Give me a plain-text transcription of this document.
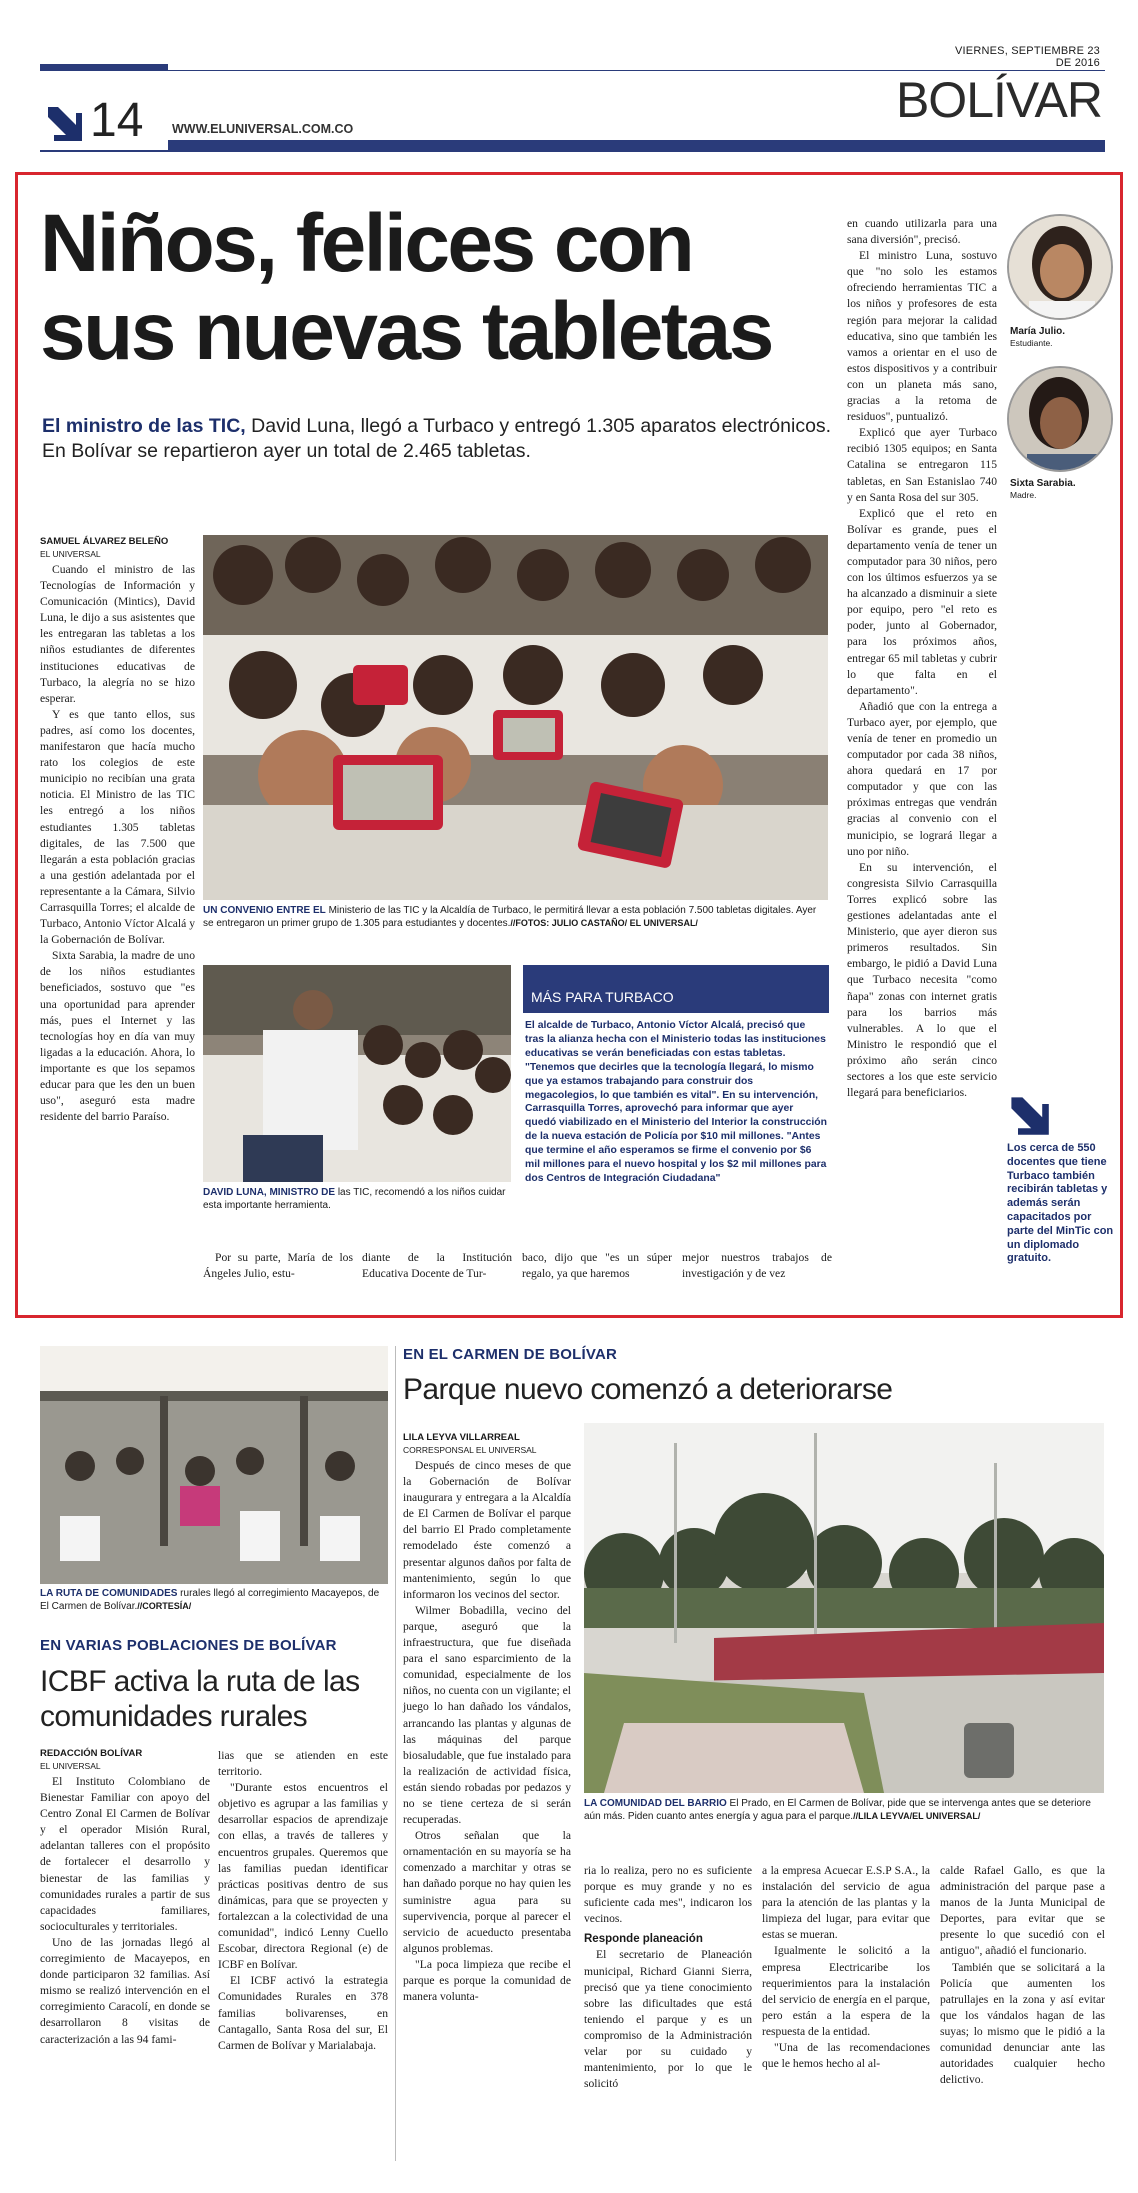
VIERNES, SEPTIEMBRE 23 DE 2016
14 WWW.ELUNIVERSAL.COM.CO
BOLÍVAR
Niños, felices con
sus nuevas tabletas
El ministro de las TIC, David Luna, llegó a Turbaco y entregó 1.305 aparatos electrónicos. En Bolívar se repartieron ayer un total de 2.465 tabletas.
SAMUEL ÁLVAREZ BELEÑO
EL UNIVERSAL

Cuando el ministro de las Tecnologías de Información y Comunicación (Mintics), David Luna, le dijo a sus asistentes que les entregaran las tabletas a los niños estudiantes de diferentes instituciones educativas de Turbaco, la alegría no se hizo esperar.

Y es que tanto ellos, sus padres, así como los docentes, manifestaron que hacía mucho rato los colegios de este municipio no recibían una grata noticia. El Ministro de las TIC les entregó a los niños estudiantes 1.305 tabletas digitales, de las 7.500 que llegarán a esta población gracias a una gestión adelantada por el representante a la Cámara, Silvio Carrasquilla Torres; el alcalde de Turbaco, Antonio Víctor Alcalá y la Gobernación de Bolívar.

Sixta Sarabia, la madre de uno de los niños estudiantes beneficiados, sostuvo que "es una oportunidad para aprender más, pues el Internet y las tecnologías hoy en día van muy ligadas a la educación. Ahora, lo importante es que los sepamos educar para que les den un buen uso", aseguró esta madre residente del barrio Paraíso.

UN CONVENIO ENTRE EL Ministerio de las TIC y la Alcaldía de Turbaco, le permitirá llevar a esta población 7.500 tabletas digitales. Ayer se entregaron un primer grupo de 1.305 para estudiantes y docentes.//FOTOS: JULIO CASTAÑO/ EL UNIVERSAL/
DAVID LUNA, MINISTRO DE las TIC, recomendó a los niños cuidar esta importante herramienta.
MÁS PARA TURBACO
El alcalde de Turbaco, Antonio Víctor Alcalá, precisó que tras la alianza hecha con el Ministerio todas las instituciones educativas se verán beneficiadas con estas tabletas. "Tenemos que decirles que la tecnología llegará, lo mismo que ya estamos trabajando para construir dos megacolegios, lo que también es vital". En su intervención, Carrasquilla Torres, aprovechó para informar que ayer quedó viabilizado en el Ministerio del Interior la construcción de la nueva estación de Policía por $10 mil millones. "Antes que termine el año esperamos se firme el convenio por $6 mil millones para el nuevo hospital y los $2 mil millones para dos Centros de Integración Ciudadana"

Por su parte, María de los Ángeles Julio, estu-

diante de la Institución Educativa Docente de Tur-

baco, dijo que "es un súper regalo, ya que haremos

mejor nuestros trabajos de investigación y de vez

en cuando utilizarla para una sana diversión", precisó.

El ministro Luna, sostuvo que "no solo les estamos ofreciendo herramientas TIC a los niños y profesores de esta región para mejorar la calidad educativa, sino que también les vamos a orientar en el uso de estos dispositivos y a contribuir con un planeta más sano, gracias a la retoma de residuos", puntualizó.

Explicó que ayer Turbaco recibió 1305 equipos; en Santa Catalina se entregaron 115 tabletas, en San Estanislao 740 y en Santa Rosa del sur 305.

Explicó que el reto en Bolívar es grande, pues el departamento venía de tener un computador para 30 niños, pero con los últimos esfuerzos ya se ha alcanzado a disminuir a siete por equipo, pero "el reto es poder, junto al Gobernador, para los próximos años, entregar 65 mil tabletas y cubrir lo que falta en el departamento".

Añadió que con la entrega a Turbaco ayer, por ejemplo, que venía de tener en promedio un computador por cada 38 niños, ahora quedará en 17 por computador y que con las próximas entregas que vendrán gracias al convenio con el municipio, se logrará llegar a uno por niño.

En su intervención, el congresista Silvio Carrasquilla Torres explicó sobre las gestiones adelantadas ante el Ministerio, que ayer dieron sus primeros resultados. Sin embargo, le pidió a David Luna que Turbaco necesita "como ñapa" zonas con internet gratis para los barrios más vulnerables. A lo que el Ministro le respondió que el próximo año serán cinco sectores a los que este servicio llegará para beneficiarios.

María Julio.
Estudiante.
Sixta Sarabia.
Madre.
Los cerca de 550 docentes que tiene Turbaco también recibirán tabletas y además serán capacitados por parte del MinTic con un diplomado gratuito.
LA RUTA DE COMUNIDADES rurales llegó al corregimiento Macayepos, de El Carmen de Bolívar.//CORTESÍA/
EN VARIAS POBLACIONES DE BOLÍVAR
ICBF activa la ruta de las comunidades rurales
REDACCIÓN BOLÍVAR
EL UNIVERSAL

El Instituto Colombiano de Bienestar Familiar con apoyo del Centro Zonal El Carmen de Bolívar y el operador Misión Rural, adelantan talleres con el propósito de fortalecer el desarrollo y bienestar de las familias y comunidades rurales a partir de sus capacidades familiares, socioculturales y territoriales.

Uno de las jornadas llegó al corregimiento de Macayepos, en donde participaron 32 familias. Así mismo se realizó intervención en el corregimiento Caracolí, en donde se desarrollaron 8 visitas de caracterización a las 94 fami-

lias que se atienden en este territorio.

"Durante estos encuentros el objetivo es agrupar a las familias y desarrollar espacios de aprendizaje con ellas, a través de talleres y encuentros grupales. Queremos que las familias puedan identificar prácticas positivas dentro de sus dinámicas, para que se proyecten y fortalezcan a la colectividad de una comunidad", indicó Lenny Cuello Escobar, directora Regional (e) de ICBF en Bolívar.

El ICBF activó la estrategia Comunidades Rurales en 378 familias bolivarenses, en Cantagallo, Santa Rosa del sur, El Carmen de Bolívar y Marialabaja.

EN EL CARMEN DE BOLÍVAR
Parque nuevo comenzó a deteriorarse
LILA LEYVA VILLARREAL
CORRESPONSAL EL UNIVERSAL

Después de cinco meses de que la Gobernación de Bolívar inaugurara y entregara a la Alcaldía de El Carmen de Bolívar el parque del barrio El Prado completamente remodelado éste comenzó a presentar algunos daños por falta de mantenimiento, según lo que informaron los vecinos del sector.

Wilmer Bobadilla, vecino del parque, aseguró que la infraestructura, que fue diseñada para el sano esparcimiento de la comunidad, especialmente de los niños, no cuenta con un vigilante; el juego lo han dañado los vándalos, arrancando las plantas y algunas de las máquinas del parque biosaludable, que fue instalado para la realización de actividad física, están siendo robadas por pedazos y no se tiene certeza de si serán recuperadas.

Otros señalan que la ornamentación en su mayoría se ha comenzado a marchitar y otras se han dañado porque no hay quien les suministre agua para su supervivencia, porque al parecer el servicio de acueducto presentaba algunos problemas.

"La poca limpieza que recibe el parque es porque la comunidad de manera volunta-

LA COMUNIDAD DEL BARRIO El Prado, en El Carmen de Bolívar, pide que se intervenga antes que se deteriore aún más. Piden cuanto antes energía y agua para el parque.//LILA LEYVA/EL UNIVERSAL/

ria lo realiza, pero no es suficiente porque es muy grande y no es suficiente cada mes", indicaron los vecinos.

Responde planeación

El secretario de Planeación municipal, Richard Gianni Sierra, precisó que ya tiene conocimiento sobre las dificultades que está teniendo el parque y es un compromiso de la Administración velar por su cuidado y mantenimiento, por lo que le solicitó

a la empresa Acuecar E.S.P S.A., la instalación del servicio de agua para la atención de las plantas y la limpieza del lugar, para evitar que estas se mueran.

Igualmente le solicitó a la empresa Electricaribe los requerimientos para la instalación del servicio de energía en el parque, pero están a la espera de la respuesta de la entidad.

"Una de las recomendaciones que le hemos hecho al al-

calde Rafael Gallo, es que la administración del parque pase a manos de la Junta Municipal de Deportes, para evitar que se presente lo que sucedió con el antiguo", añadió el funcionario.

También que se solicitará a la Policía que aumenten los patrullajes en la zona y así evitar que los vándalos hagan de las suyas; lo mismo que le pidió a la comunidad denunciar ante las autoridades cualquier hecho delictivo.
